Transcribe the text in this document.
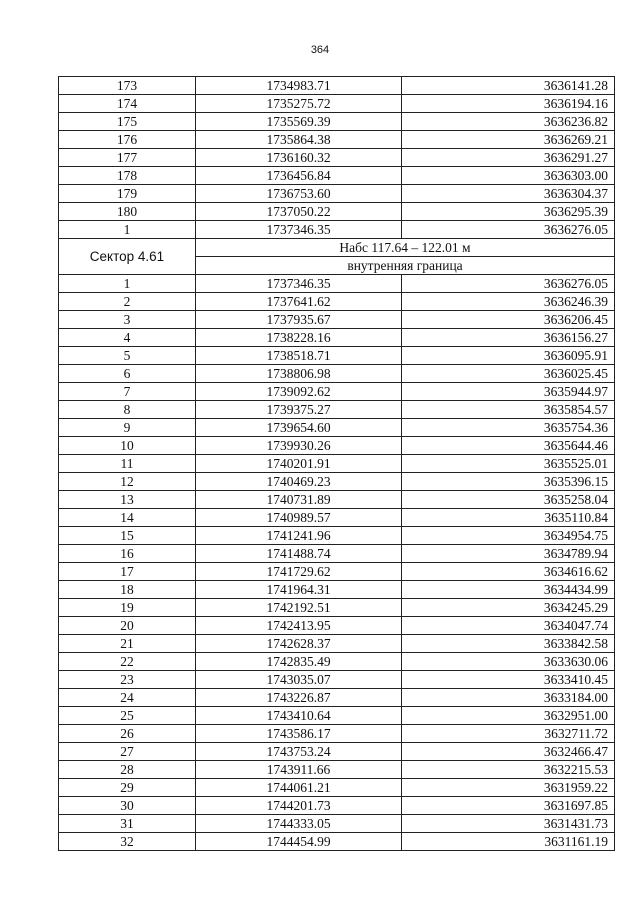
364
173	1734983.71	3636141.28
174	1735275.72	3636194.16
175	1735569.39	3636236.82
176	1735864.38	3636269.21
177	1736160.32	3636291.27
178	1736456.84	3636303.00
179	1736753.60	3636304.37
180	1737050.22	3636295.39
1	1737346.35	3636276.05
Сектор 4.61	Набс 117.64 – 122.01 м	
	внутренняя граница	
1	1737346.35	3636276.05
2	1737641.62	3636246.39
3	1737935.67	3636206.45
4	1738228.16	3636156.27
5	1738518.71	3636095.91
6	1738806.98	3636025.45
7	1739092.62	3635944.97
8	1739375.27	3635854.57
9	1739654.60	3635754.36
10	1739930.26	3635644.46
11	1740201.91	3635525.01
12	1740469.23	3635396.15
13	1740731.89	3635258.04
14	1740989.57	3635110.84
15	1741241.96	3634954.75
16	1741488.74	3634789.94
17	1741729.62	3634616.62
18	1741964.31	3634434.99
19	1742192.51	3634245.29
20	1742413.95	3634047.74
21	1742628.37	3633842.58
22	1742835.49	3633630.06
23	1743035.07	3633410.45
24	1743226.87	3633184.00
25	1743410.64	3632951.00
26	1743586.17	3632711.72
27	1743753.24	3632466.47
28	1743911.66	3632215.53
29	1744061.21	3631959.22
30	1744201.73	3631697.85
31	1744333.05	3631431.73
32	1744454.99	3631161.19
